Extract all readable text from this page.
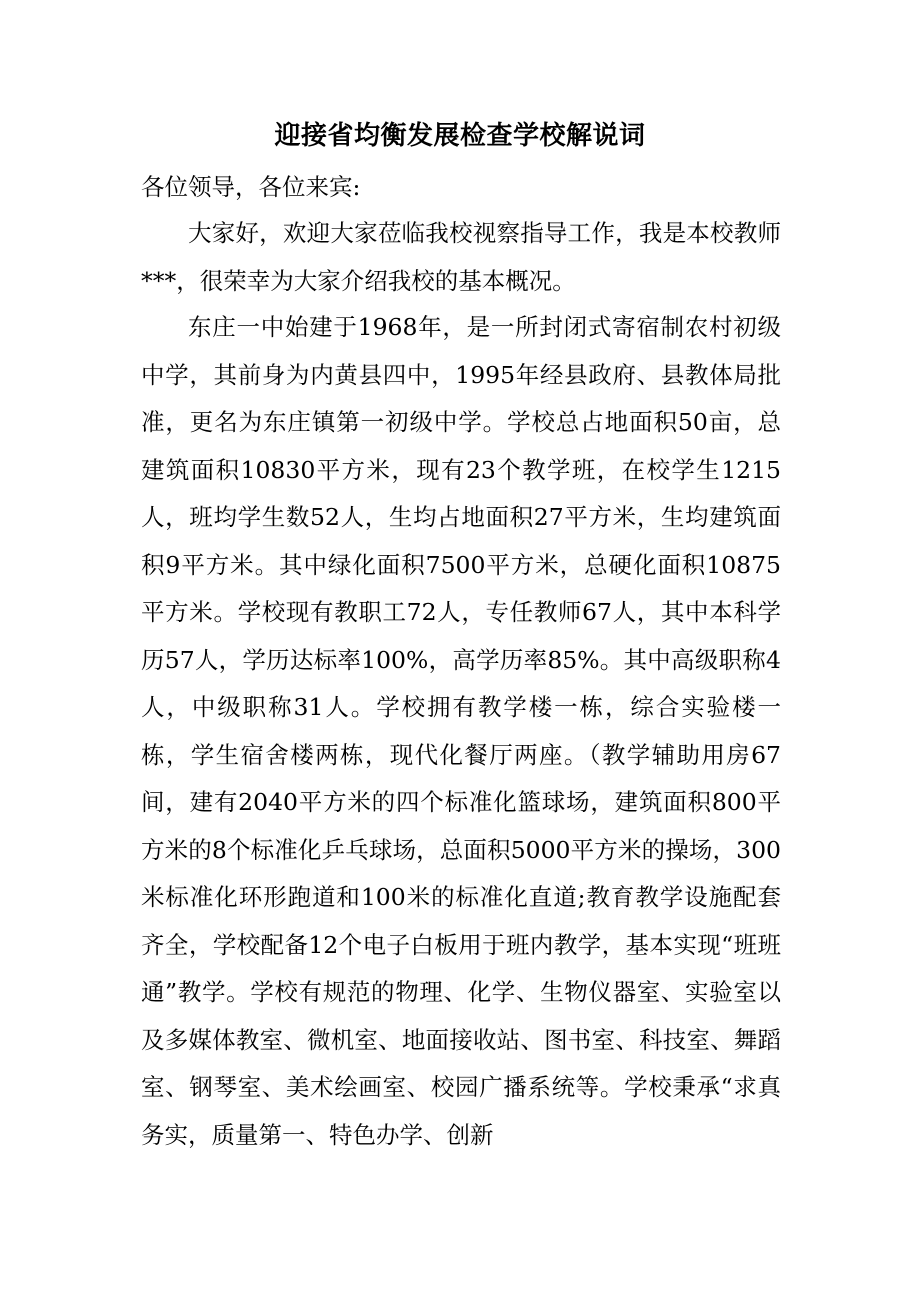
迎接省均衡发展检查学校解说词

各位领导，各位来宾:

大家好，欢迎大家莅临我校视察指导工作，我是本校教师***，很荣幸为大家介绍我校的基本概况。

东庄一中始建于1968年，是一所封闭式寄宿制农村初级中学，其前身为内黄县四中，1995年经县政府、县教体局批准，更名为东庄镇第一初级中学。学校总占地面积50亩，总建筑面积10830平方米，现有23个教学班，在校学生1215人，班均学生数52人，生均占地面积27平方米，生均建筑面积9平方米。其中绿化面积7500平方米，总硬化面积10875平方米。学校现有教职工72人，专任教师67人，其中本科学历57人，学历达标率100%，高学历率85%。其中高级职称4人，中级职称31人。学校拥有教学楼一栋，综合实验楼一栋，学生宿舍楼两栋，现代化餐厅两座。（教学辅助用房67间，建有2040平方米的四个标准化篮球场，建筑面积800平方米的8个标准化乒乓球场，总面积5000平方米的操场，300米标准化环形跑道和100米的标准化直道;教育教学设施配套齐全，学校配备12个电子白板用于班内教学，基本实现“班班通”教学。学校有规范的物理、化学、生物仪器室、实验室以及多媒体教室、微机室、地面接收站、图书室、科技室、舞蹈室、钢琴室、美术绘画室、校园广播系统等。学校秉承“求真务实，质量第一、特色办学、创新
